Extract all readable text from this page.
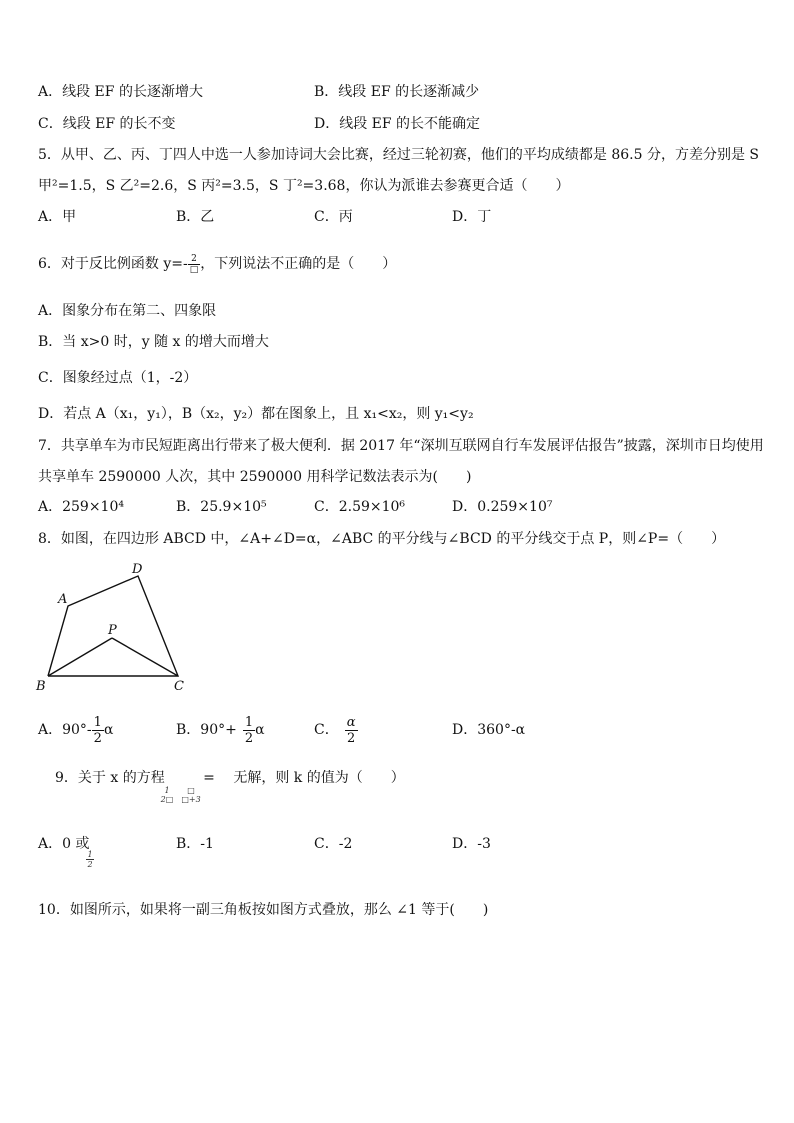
A．线段 EF 的长逐渐增大	B．线段 EF 的长逐渐减少
C．线段 EF 的长不变	D．线段 EF 的长不能确定
5．从甲、乙、丙、丁四人中选一人参加诗词大会比赛，经过三轮初赛，他们的平均成绩都是 86.5 分，方差分别是 S
甲²=1.5，S 乙²=2.6，S 丙²=3.5，S 丁²=3.68，你认为派谁去参赛更合适（　　）
A．甲	B．乙	C．丙	D．丁
6．对于反比例函数 $y=- \frac{2}{□}$ ，下列说法不正确的是（　　）
A．图象分布在第二、四象限
B．当 x>0 时，y 随 x 的增大而增大
C．图象经过点（1，-2）
D．若点 A（x₁，y₁），B（x₂，y₂）都在图象上，且 x₁<x₂，则 y₁<y₂
7．共享单车为市民短距离出行带来了极大便利．据 2017 年“深圳互联网自行车发展评估报告”披露，深圳市日均使用
共享单车 2590000 人次，其中 2590000 用科学记数法表示为(　　)
A．259×10⁴	B．25.9×10⁵	C．2.59×10⁶	D．0.259×10⁷
8．如图，在四边形 ABCD 中，∠A+∠D=α，∠ABC 的平分线与∠BCD 的平分线交于点 P，则∠P=（　　）
A
D
P
B	C
A．$90^\circ- \frac{1}{2}$ α	B．$90^\circ+ \frac{1}{2}$ α	C． $\frac{\alpha}{2}$	D．360°-α
9．关于 x 的方程	= 无解，则 k 的值为（　　）
1
2□
□
□+3
A．0 或
$\frac{1}{2}$
B．-1	C．-2	D．-3
10．如图所示，如果将一副三角板按如图方式叠放，那么 ∠1 等于(　　)
